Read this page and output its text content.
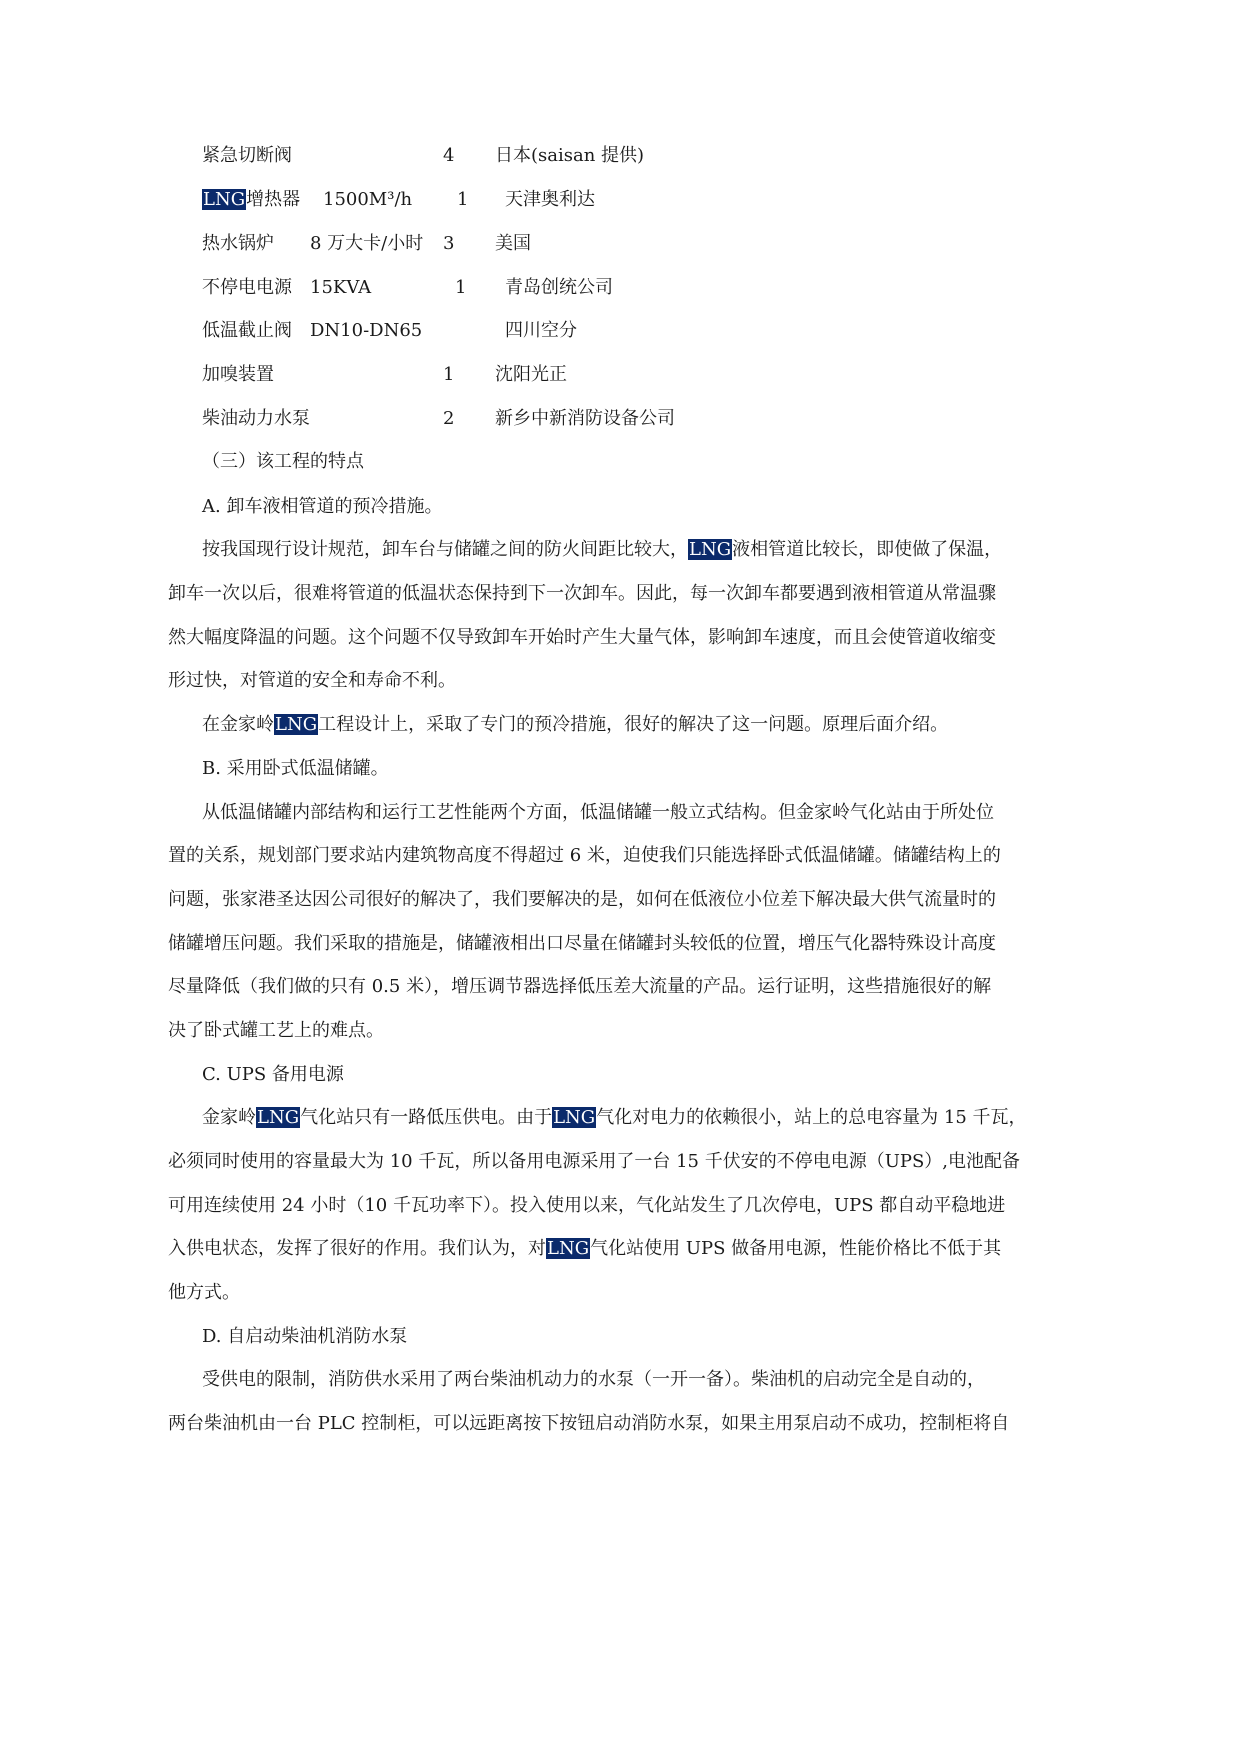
紧急切断阀	4 日本(saisan 提供)
LNG增热器 1500M³/h 1 天津奥利达
热水锅炉 8 万大卡/小时 3 美国
不停电电源 15KVA	1 青岛创统公司
低温截止阀 DN10-DN65	四川空分
加嗅装置	1 沈阳光正
柴油动力水泵	2 新乡中新消防设备公司
（三）该工程的特点
A. 卸车液相管道的预冷措施。
按我国现行设计规范，卸车台与储罐之间的防火间距比较大，LNG液相管道比较长，即使做了保温，
卸车一次以后，很难将管道的低温状态保持到下一次卸车。因此，每一次卸车都要遇到液相管道从常温骤
然大幅度降温的问题。这个问题不仅导致卸车开始时产生大量气体，影响卸车速度，而且会使管道收缩变
形过快，对管道的安全和寿命不利。
在金家岭LNG工程设计上，采取了专门的预冷措施，很好的解决了这一问题。原理后面介绍。
B. 采用卧式低温储罐。
从低温储罐内部结构和运行工艺性能两个方面，低温储罐一般立式结构。但金家岭气化站由于所处位
置的关系，规划部门要求站内建筑物高度不得超过 6 米，迫使我们只能选择卧式低温储罐。储罐结构上的
问题，张家港圣达因公司很好的解决了，我们要解决的是，如何在低液位小位差下解决最大供气流量时的
储罐增压问题。我们采取的措施是，储罐液相出口尽量在储罐封头较低的位置，增压气化器特殊设计高度
尽量降低（我们做的只有 0.5 米），增压调节器选择低压差大流量的产品。运行证明，这些措施很好的解
决了卧式罐工艺上的难点。
C. UPS 备用电源
金家岭LNG气化站只有一路低压供电。由于LNG气化对电力的依赖很小，站上的总电容量为 15 千瓦，
必须同时使用的容量最大为 10 千瓦，所以备用电源采用了一台 15 千伏安的不停电电源（UPS）,电池配备
可用连续使用 24 小时（10 千瓦功率下）。投入使用以来，气化站发生了几次停电，UPS 都自动平稳地进
入供电状态，发挥了很好的作用。我们认为，对LNG气化站使用 UPS 做备用电源，性能价格比不低于其
他方式。
D. 自启动柴油机消防水泵
受供电的限制，消防供水采用了两台柴油机动力的水泵（一开一备）。柴油机的启动完全是自动的，
两台柴油机由一台 PLC 控制柜，可以远距离按下按钮启动消防水泵，如果主用泵启动不成功，控制柜将自
